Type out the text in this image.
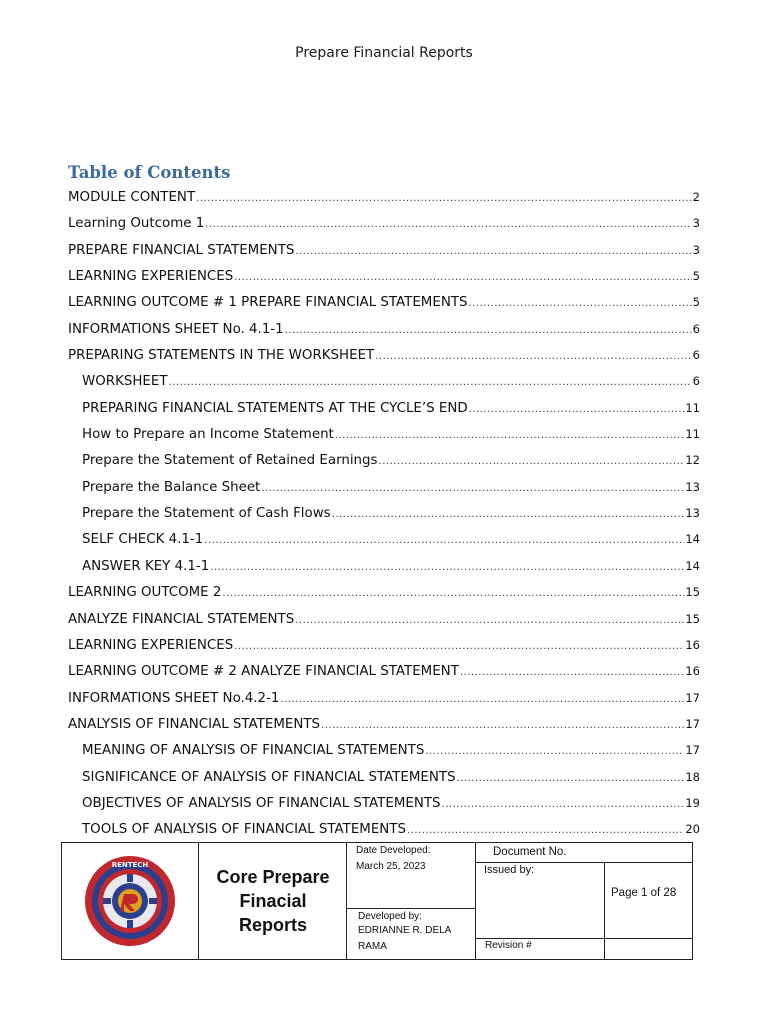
Prepare Financial Reports
Table of Contents
MODULE CONTENT .....	2
Learning Outcome 1 .....	3
PREPARE FINANCIAL STATEMENTS .....	3
LEARNING EXPERIENCES .....	5
LEARNING OUTCOME # 1 PREPARE FINANCIAL STATEMENTS .....	5
INFORMATIONS SHEET No. 4.1-1 .....	6
PREPARING STATEMENTS IN THE WORKSHEET .....	6
WORKSHEET .....	6
PREPARING FINANCIAL STATEMENTS AT THE CYCLE’S END .....	11
How to Prepare an Income Statement .....	11
Prepare the Statement of Retained Earnings .....	12
Prepare the Balance Sheet .....	13
Prepare the Statement of Cash Flows .....	13
SELF CHECK 4.1-1 .....	14
ANSWER KEY 4.1-1 .....	14
LEARNING OUTCOME 2 .....	15
ANALYZE FINANCIAL STATEMENTS .....	15
LEARNING EXPERIENCES .....	16
LEARNING OUTCOME # 2 ANALYZE FINANCIAL STATEMENT .....	16
INFORMATIONS SHEET No.4.2-1 .....	17
ANALYSIS OF FINANCIAL STATEMENTS .....	17
MEANING OF ANALYSIS OF FINANCIAL STATEMENTS .....	17
SIGNIFICANCE OF ANALYSIS OF FINANCIAL STATEMENTS .....	18
OBJECTIVES OF ANALYSIS OF FINANCIAL STATEMENTS .....	19
TOOLS OF ANALYSIS OF FINANCIAL STATEMENTS .....	20
RENTECH
Core Prepare
Finacial
Reports
Date Developed:
March 25, 2023
Developed by:
EDRIANNE R. DELA
RAMA
Document No.
Issued by:
Revision #
Page 1 of 28
